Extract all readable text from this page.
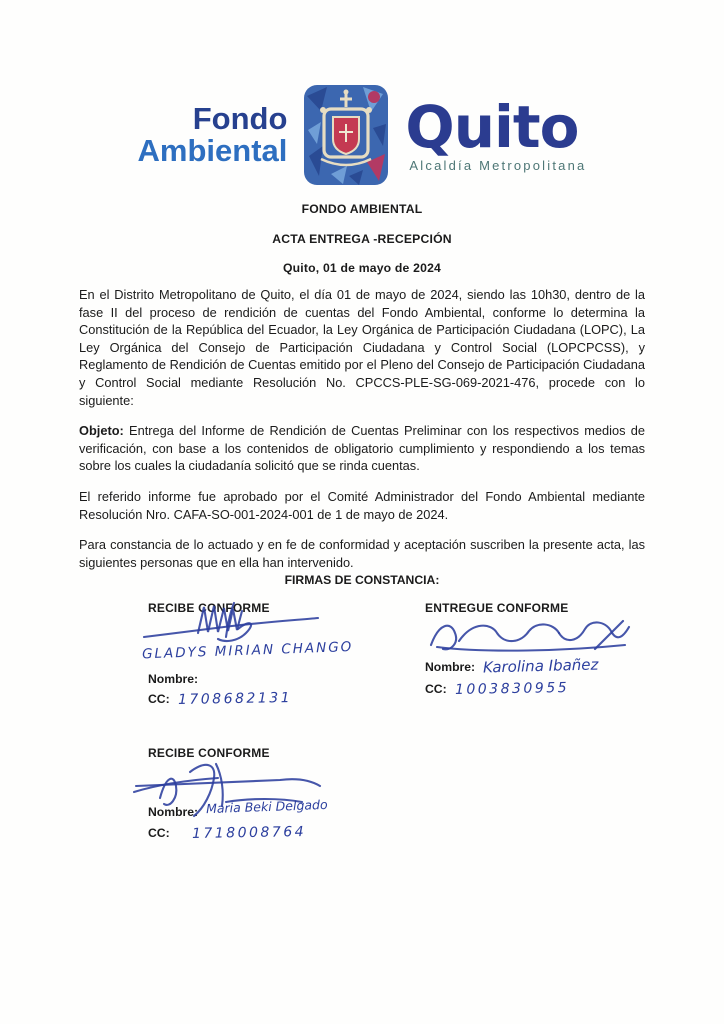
Fondo
Ambiental Quito
Alcaldía Metropolitana
FONDO AMBIENTAL
ACTA ENTREGA -RECEPCIÓN
Quito, 01 de mayo de 2024

En el Distrito Metropolitano de Quito, el día 01 de mayo de 2024, siendo las 10h30, dentro de la fase II del proceso de rendición de cuentas del Fondo Ambiental, conforme lo determina la Constitución de la República del Ecuador, la Ley Orgánica de Participación Ciudadana (LOPC), La Ley Orgánica del Consejo de Participación Ciudadana y Control Social (LOPCPCSS), y Reglamento de Rendición de Cuentas emitido por el Pleno del Consejo de Participación Ciudadana y Control Social mediante Resolución No. CPCCS-PLE-SG-069-2021-476, procede con lo siguiente:

Objeto: Entrega del Informe de Rendición de Cuentas Preliminar con los respectivos medios de verificación, con base a los contenidos de obligatorio cumplimiento y respondiendo a los temas sobre los cuales la ciudadanía solicitó que se rinda cuentas.

El referido informe fue aprobado por el Comité Administrador del Fondo Ambiental mediante Resolución Nro. CAFA-SO-001-2024-001 de 1 de mayo de 2024.

Para constancia de lo actuado y en fe de conformidad y aceptación suscriben la presente acta, las siguientes personas que en ella han intervenido.

FIRMAS DE CONSTANCIA:
RECIBE CONFORME
GLADYS MIRIAN CHANGO
Nombre:
CC: 1708682131
ENTREGUE CONFORME
Nombre: Karolina Ibañez
CC: 1003830955
RECIBE CONFORME
Maria Beki Delgado
Nombre:
CC: 1718008764
